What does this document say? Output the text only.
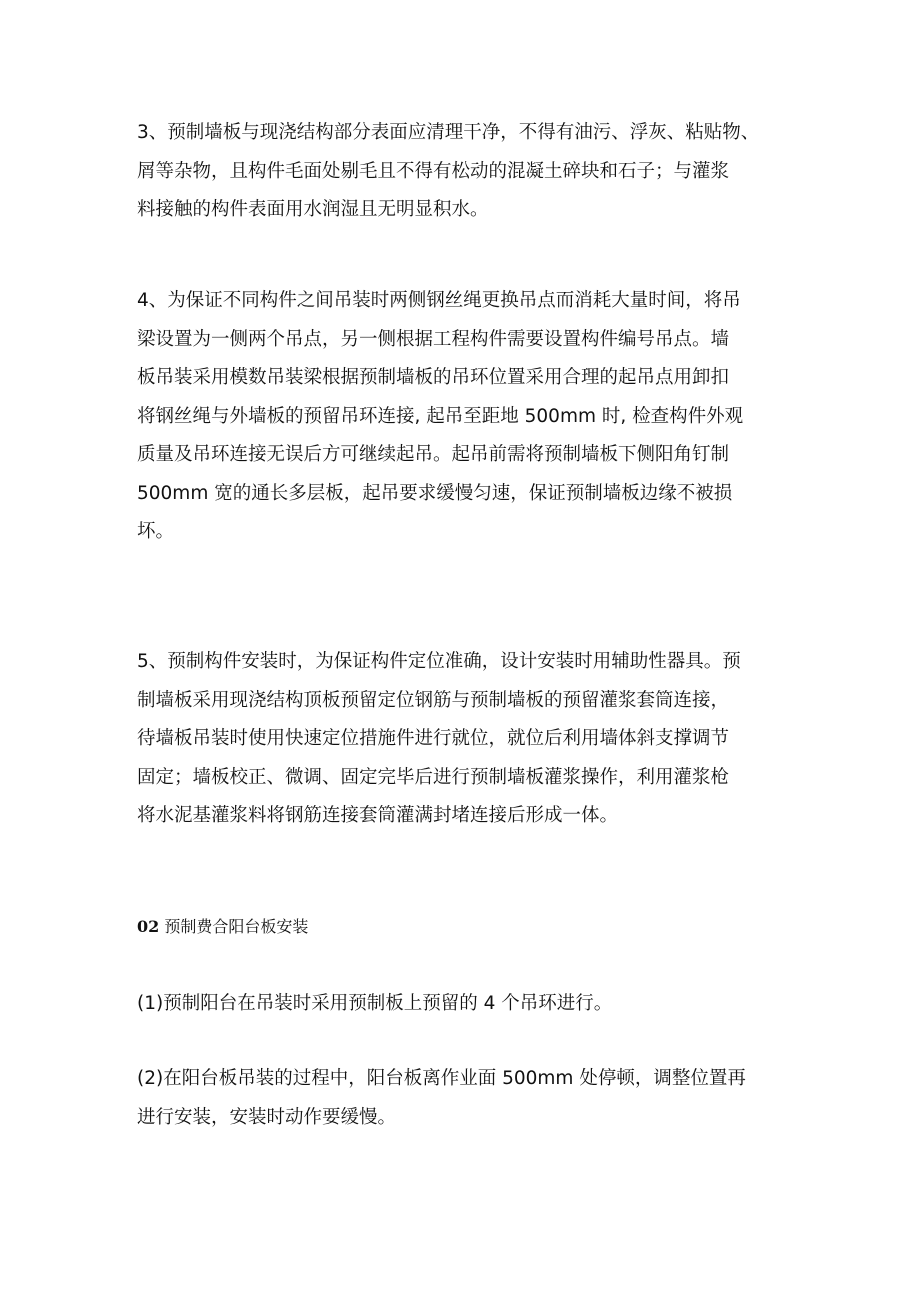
3、预制墙板与现浇结构部分表面应清理干净，不得有油污、浮灰、粘贴物、
屑等杂物，且构件毛面处剔毛且不得有松动的混凝土碎块和石子；与灌浆
料接触的构件表面用水润湿且无明显积水。

4、为保证不同构件之间吊装时两侧钢丝绳更换吊点而消耗大量时间，将吊
梁设置为一侧两个吊点，另一侧根据工程构件需要设置构件编号吊点。墙
板吊装采用模数吊装梁根据预制墙板的吊环位置采用合理的起吊点用卸扣
将钢丝绳与外墙板的预留吊环连接, 起吊至距地 500mm 时, 检查构件外观
质量及吊环连接无误后方可继续起吊。起吊前需将预制墙板下侧阳角钉制
500mm 宽的通长多层板，起吊要求缓慢匀速，保证预制墙板边缘不被损
坏。

5、预制构件安装时，为保证构件定位准确，设计安装时用辅助性器具。预
制墙板采用现浇结构顶板预留定位钢筋与预制墙板的预留灌浆套筒连接，
待墙板吊装时使用快速定位措施件进行就位，就位后利用墙体斜支撑调节
固定；墙板校正、微调、固定完毕后进行预制墙板灌浆操作，利用灌浆枪
将水泥基灌浆料将钢筋连接套筒灌满封堵连接后形成一体。

02 预制费合阳台板安装

(1)预制阳台在吊装时采用预制板上预留的 4 个吊环进行。

(2)在阳台板吊装的过程中，阳台板离作业面 500mm 处停顿，调整位置再
进行安装，安装时动作要缓慢。
